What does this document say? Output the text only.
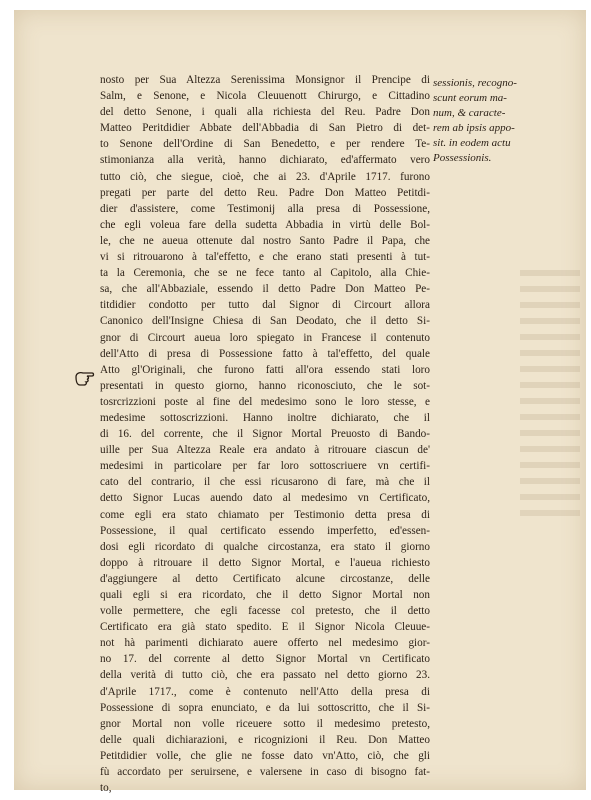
nosto per Sua Altezza Serenissima Monsignor il Prencipe di
Salm, e Senone, e Nicola Cleuuenott Chirurgo, e Cittadino
del detto Senone, i quali alla richiesta del Reu. Padre Don
Matteo Peritdidier Abbate dell'Abbadia di San Pietro di det-
to Senone dell'Ordine di San Benedetto, e per rendere Te-
stimonianza alla verità, hanno dichiarato, ed'affermato vero
tutto ciò, che siegue, cioè, che ai 23. d'Aprile 1717. furono
pregati per parte del detto Reu. Padre Don Matteo Petitdi-
dier d'assistere, come Testimonij alla presa di Possessione,
che egli voleua fare della sudetta Abbadia in virtù delle Bol-
le, che ne aueua ottenute dal nostro Santo Padre il Papa, che
vi si ritrouarono à tal'effetto, e che erano stati presenti à tut-
ta la Ceremonia, che se ne fece tanto al Capitolo, alla Chie-
sa, che all'Abbaziale, essendo il detto Padre Don Matteo Pe-
titdidier condotto per tutto dal Signor di Circourt allora
Canonico dell'Insigne Chiesa di San Deodato, che il detto Si-
gnor di Circourt aueua loro spiegato in Francese il contenuto
dell'Atto di presa di Possessione fatto à tal'effetto, del quale
Atto gl'Originali, che furono fatti all'ora essendo stati loro
presentati in questo giorno, hanno riconosciuto, che le sot-
tosrcrizzioni poste al fine del medesimo sono le loro stesse, e
medesime sottoscrizzioni. Hanno inoltre dichiarato, che il
di 16. del corrente, che il Signor Mortal Preuosto di Bando-
uille per Sua Altezza Reale era andato à ritrouare ciascun de'
medesimi in particolare per far loro sottoscriuere vn certifi-
cato del contrario, il che essi ricusarono di fare, mà che il
detto Signor Lucas auendo dato al medesimo vn Certificato,
come egli era stato chiamato per Testimonio detta presa di
Possessione, il qual certificato essendo imperfetto, ed'essen-
dosi egli ricordato di qualche circostanza, era stato il giorno
doppo à ritrouare il detto Signor Mortal, e l'aueua richiesto
d'aggiungere al detto Certificato alcune circostanze, delle
quali egli si era ricordato, che il detto Signor Mortal non
volle permettere, che egli facesse col pretesto, che il detto
Certificato era già stato spedito. E il Signor Nicola Cleuue-
not hà parimenti dichiarato auere offerto nel medesimo gior-
no 17. del corrente al detto Signor Mortal vn Certificato
della verità di tutto ciò, che era passato nel detto giorno 23.
d'Aprile 1717., come è contenuto nell'Atto della presa di
Possessione di sopra enunciato, e da lui sottoscritto, che il Si-
gnor Mortal non volle riceuere sotto il medesimo pretesto,
delle quali dichiarazioni, e ricognizioni il Reu. Don Matteo
Petitdidier volle, che glie ne fosse dato vn'Atto, ciò, che gli
fù accordato per seruirsene, e valersene in caso di bisogno fat-
to,
sessionis, recogno-
scunt eorum ma-
num, & caracte-
rem ab ipsis appo-
sit. in eodem actu
Possessionis.
